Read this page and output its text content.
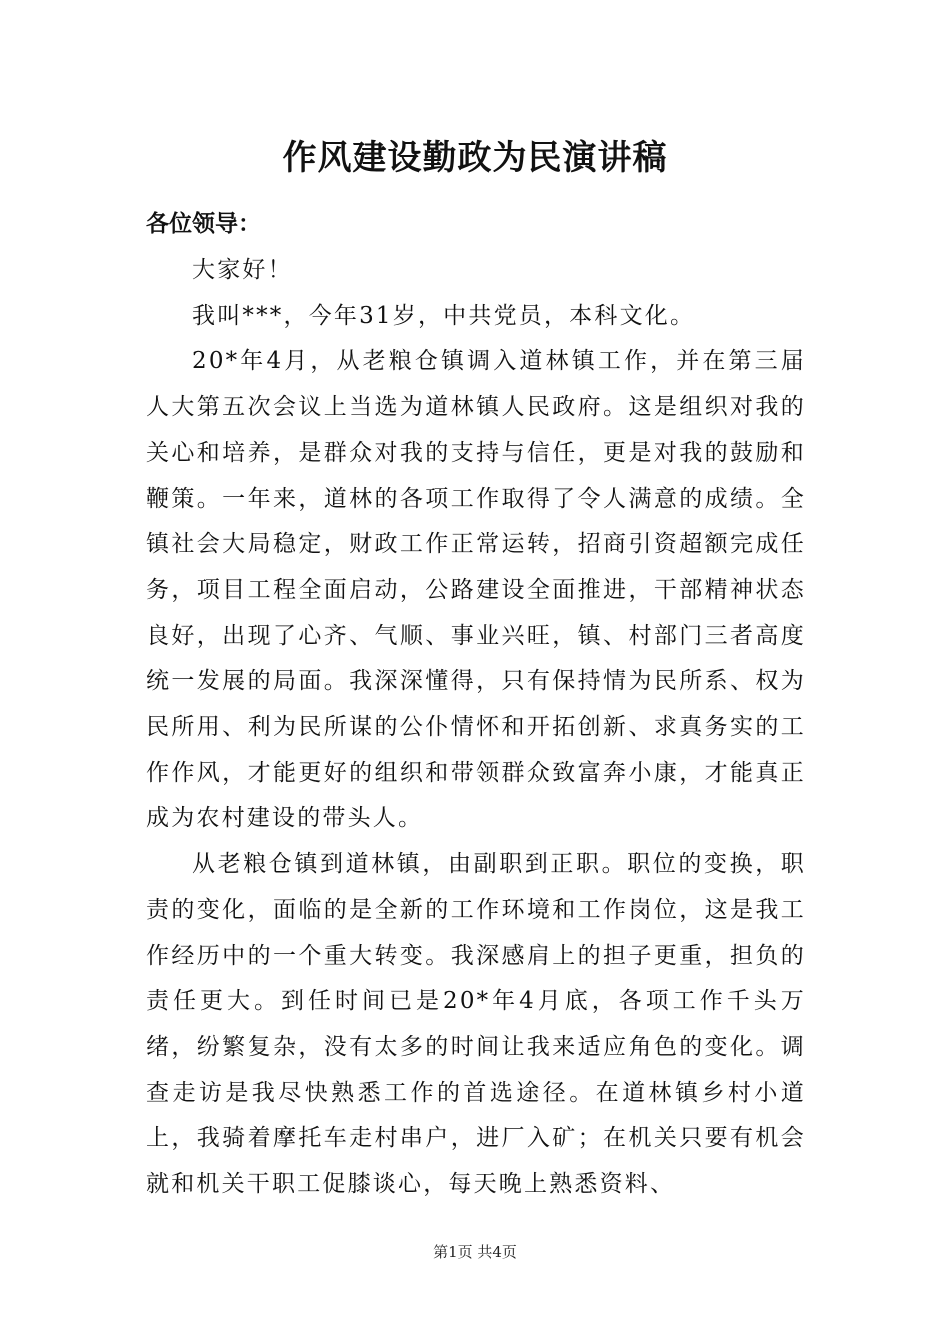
作风建设勤政为民演讲稿
各位领导：

大家好！

我叫***，今年31岁，中共党员，本科文化。

20*年4月，从老粮仓镇调入道林镇工作，并在第三届人大第五次会议上当选为道林镇人民政府。这是组织对我的关心和培养，是群众对我的支持与信任，更是对我的鼓励和鞭策。一年来，道林的各项工作取得了令人满意的成绩。全镇社会大局稳定，财政工作正常运转，招商引资超额完成任务，项目工程全面启动，公路建设全面推进，干部精神状态良好，出现了心齐、气顺、事业兴旺，镇、村部门三者高度统一发展的局面。我深深懂得，只有保持情为民所系、权为民所用、利为民所谋的公仆情怀和开拓创新、求真务实的工作作风，才能更好的组织和带领群众致富奔小康，才能真正成为农村建设的带头人。

从老粮仓镇到道林镇，由副职到正职。职位的变换，职责的变化，面临的是全新的工作环境和工作岗位，这是我工作经历中的一个重大转变。我深感肩上的担子更重，担负的责任更大。到任时间已是20*年4月底，各项工作千头万绪，纷繁复杂，没有太多的时间让我来适应角色的变化。调查走访是我尽快熟悉工作的首选途径。在道林镇乡村小道上，我骑着摩托车走村串户，进厂入矿；在机关只要有机会就和机关干职工促膝谈心，每天晚上熟悉资料、

第1页 共4页
